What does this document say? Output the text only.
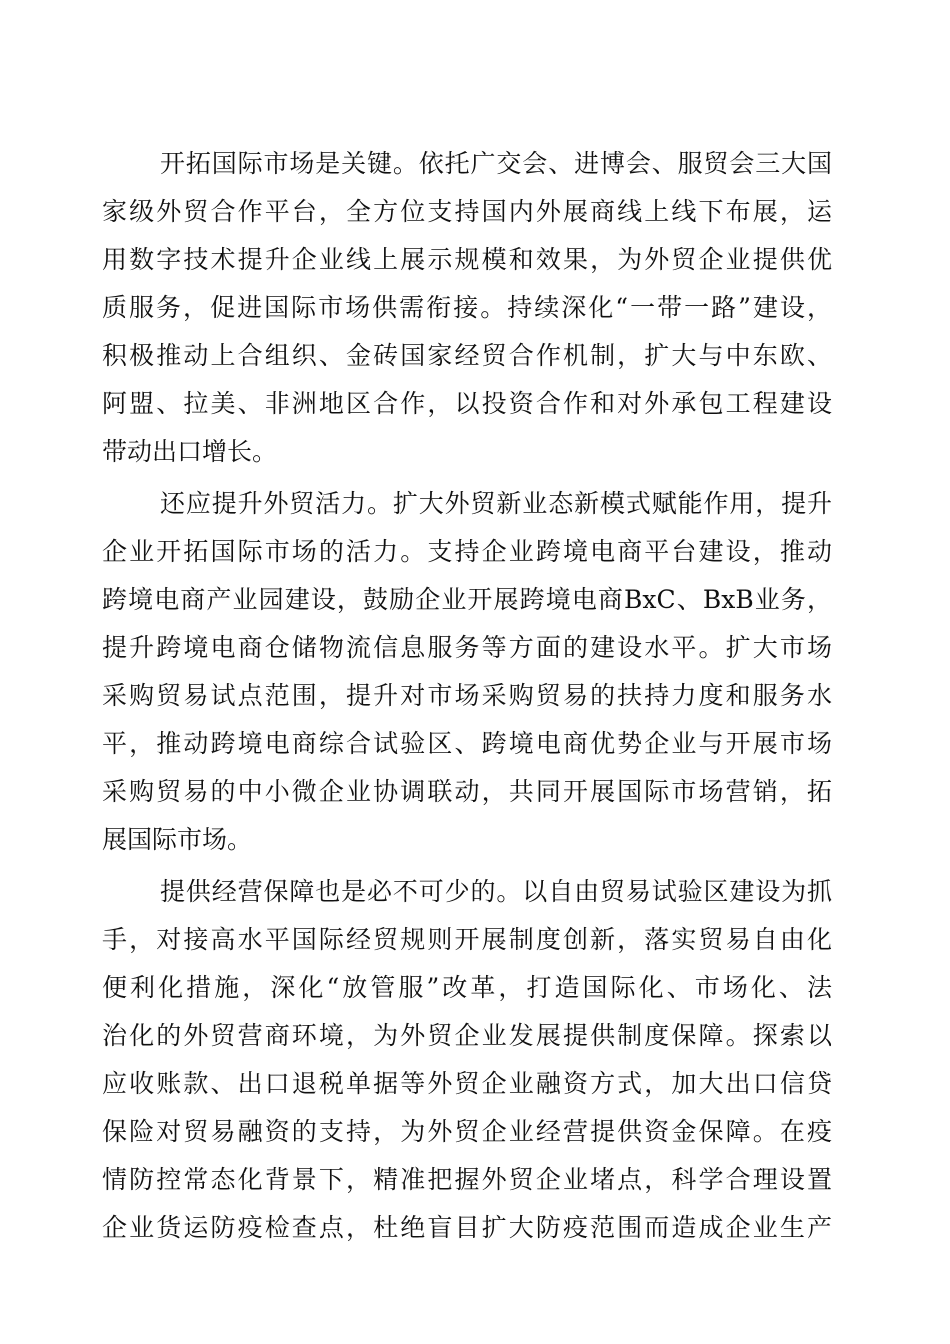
开拓国际市场是关键。依托广交会、进博会、服贸会三大国
家级外贸合作平台，全方位支持国内外展商线上线下布展，运
用数字技术提升企业线上展示规模和效果，为外贸企业提供优
质服务，促进国际市场供需衔接。持续深化“一带一路”建设，
积极推动上合组织、金砖国家经贸合作机制，扩大与中东欧、
阿盟、拉美、非洲地区合作，以投资合作和对外承包工程建设
带动出口增长。
还应提升外贸活力。扩大外贸新业态新模式赋能作用，提升
企业开拓国际市场的活力。支持企业跨境电商平台建设，推动
跨境电商产业园建设，鼓励企业开展跨境电商BxC、BxB业务，
提升跨境电商仓储物流信息服务等方面的建设水平。扩大市场
采购贸易试点范围，提升对市场采购贸易的扶持力度和服务水
平，推动跨境电商综合试验区、跨境电商优势企业与开展市场
采购贸易的中小微企业协调联动，共同开展国际市场营销，拓
展国际市场。
提供经营保障也是必不可少的。以自由贸易试验区建设为抓
手，对接高水平国际经贸规则开展制度创新，落实贸易自由化
便利化措施，深化“放管服”改革，打造国际化、市场化、法
治化的外贸营商环境，为外贸企业发展提供制度保障。探索以
应收账款、出口退税单据等外贸企业融资方式，加大出口信贷
保险对贸易融资的支持，为外贸企业经营提供资金保障。在疫
情防控常态化背景下，精准把握外贸企业堵点，科学合理设置
企业货运防疫检查点，杜绝盲目扩大防疫范围而造成企业生产
